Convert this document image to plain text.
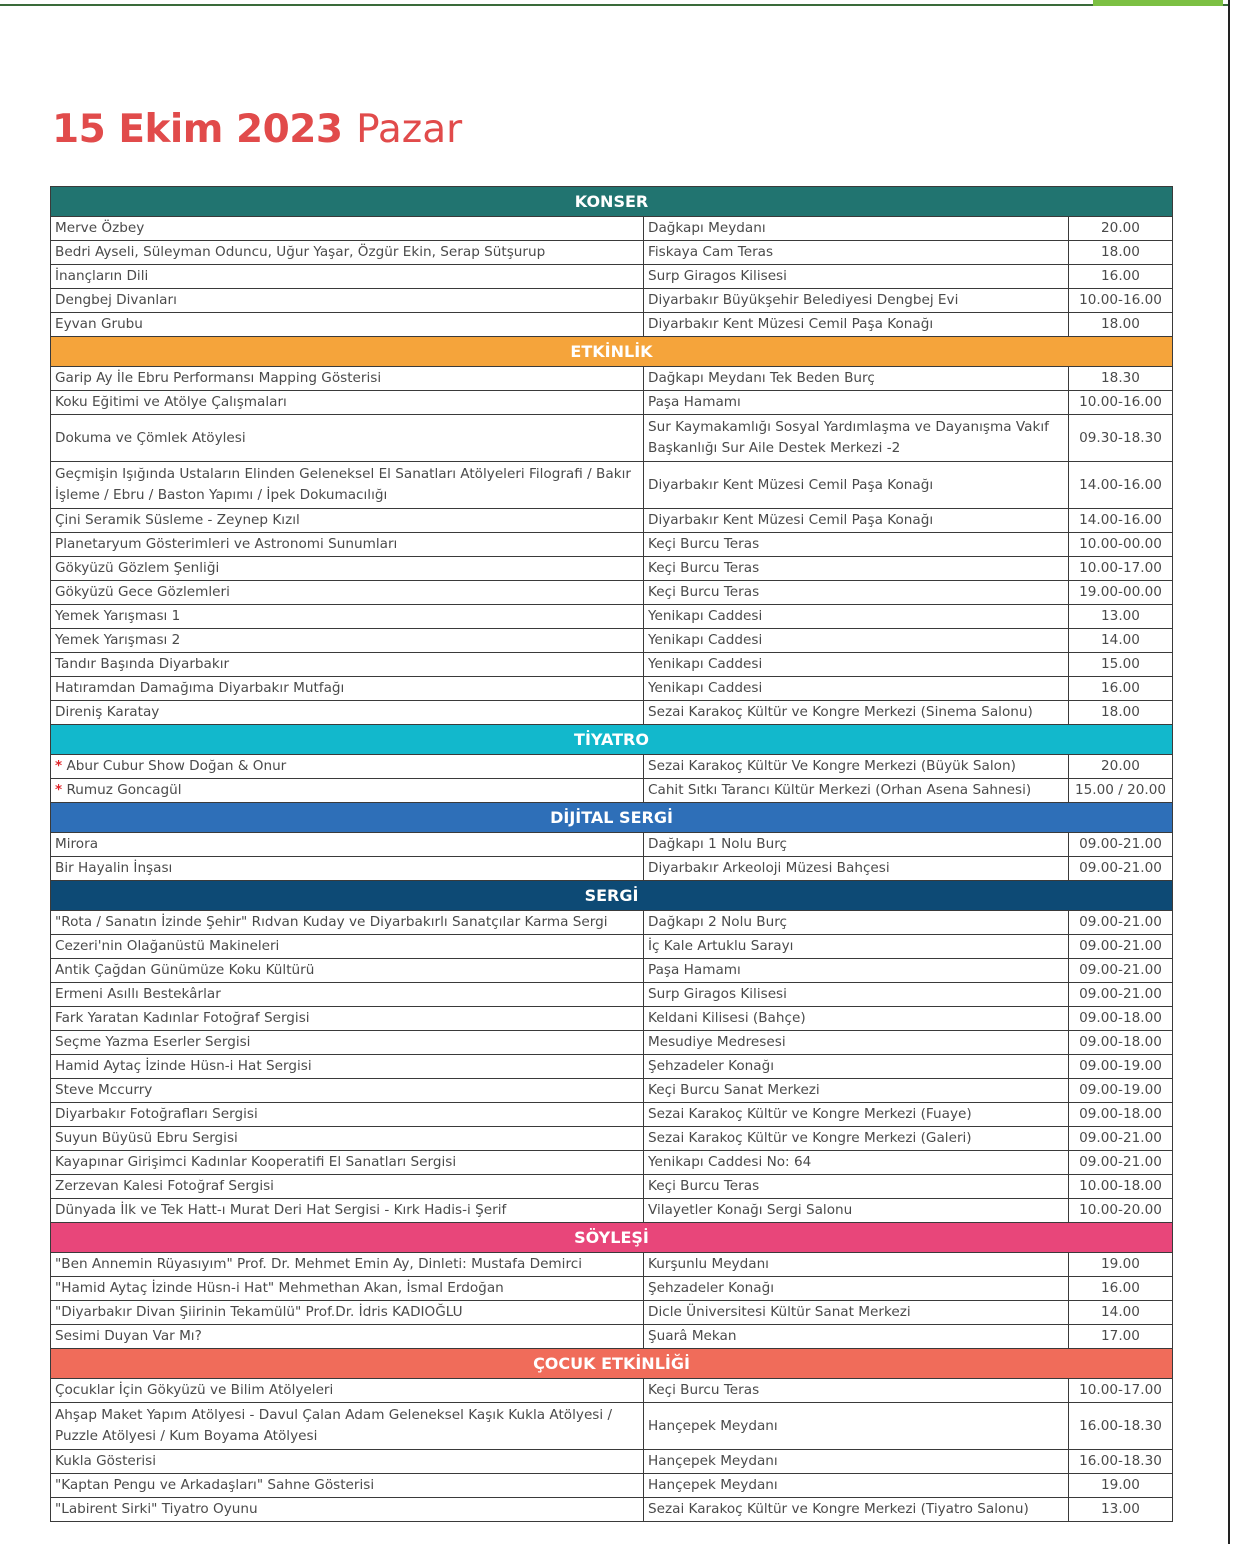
15 Ekim 2023 Pazar
KONSER		
Merve Özbey	Dağkapı Meydanı	20.00
Bedri Ayseli, Süleyman Oduncu, Uğur Yaşar, Özgür Ekin, Serap Sütşurup	Fiskaya Cam Teras	18.00
İnançların Dili	Surp Giragos Kilisesi	16.00
Dengbej Divanları	Diyarbakır Büyükşehir Belediyesi Dengbej Evi	10.00-16.00
Eyvan Grubu	Diyarbakır Kent Müzesi Cemil Paşa Konağı	18.00
ETKİNLİK		
Garip Ay İle Ebru Performansı Mapping Gösterisi	Dağkapı Meydanı Tek Beden Burç	18.30
Koku Eğitimi ve Atölye Çalışmaları	Paşa Hamamı	10.00-16.00
Dokuma ve Çömlek Atöylesi	Sur Kaymakamlığı Sosyal Yardımlaşma ve Dayanışma Vakıf Başkanlığı Sur Aile Destek Merkezi -2	09.30-18.30
Geçmişin Işığında Ustaların Elinden Geleneksel El Sanatları Atölyeleri Filografi / Bakır İşleme / Ebru / Baston Yapımı / İpek Dokumacılığı	Diyarbakır Kent Müzesi Cemil Paşa Konağı	14.00-16.00
Çini Seramik Süsleme - Zeynep Kızıl	Diyarbakır Kent Müzesi Cemil Paşa Konağı	14.00-16.00
Planetaryum Gösterimleri ve Astronomi Sunumları	Keçi Burcu Teras	10.00-00.00
Gökyüzü Gözlem Şenliği	Keçi Burcu Teras	10.00-17.00
Gökyüzü Gece Gözlemleri	Keçi Burcu Teras	19.00-00.00
Yemek Yarışması 1	Yenikapı Caddesi	13.00
Yemek Yarışması 2	Yenikapı Caddesi	14.00
Tandır Başında Diyarbakır	Yenikapı Caddesi	15.00
Hatıramdan Damağıma Diyarbakır Mutfağı	Yenikapı Caddesi	16.00
Direniş Karatay	Sezai Karakoç Kültür ve Kongre Merkezi (Sinema Salonu)	18.00
TİYATRO		
* Abur Cubur Show Doğan & Onur	Sezai Karakoç Kültür Ve Kongre Merkezi (Büyük Salon)	20.00
* Rumuz Goncagül	Cahit Sıtkı Tarancı Kültür Merkezi (Orhan Asena Sahnesi)	15.00 / 20.00
DİJİTAL SERGİ		
Mirora	Dağkapı 1 Nolu Burç	09.00-21.00
Bir Hayalin İnşası	Diyarbakır Arkeoloji Müzesi Bahçesi	09.00-21.00
SERGİ		
"Rota / Sanatın İzinde Şehir" Rıdvan Kuday ve Diyarbakırlı Sanatçılar Karma Sergi	Dağkapı 2 Nolu Burç	09.00-21.00
Cezeri'nin Olağanüstü Makineleri	İç Kale Artuklu Sarayı	09.00-21.00
Antik Çağdan Günümüze Koku Kültürü	Paşa Hamamı	09.00-21.00
Ermeni Asıllı Bestekârlar	Surp Giragos Kilisesi	09.00-21.00
Fark Yaratan Kadınlar Fotoğraf Sergisi	Keldani Kilisesi (Bahçe)	09.00-18.00
Seçme Yazma Eserler Sergisi	Mesudiye Medresesi	09.00-18.00
Hamid Aytaç İzinde Hüsn-i Hat Sergisi	Şehzadeler Konağı	09.00-19.00
Steve Mccurry	Keçi Burcu Sanat Merkezi	09.00-19.00
Diyarbakır Fotoğrafları Sergisi	Sezai Karakoç Kültür ve Kongre Merkezi (Fuaye)	09.00-18.00
Suyun Büyüsü Ebru Sergisi	Sezai Karakoç Kültür ve Kongre Merkezi (Galeri)	09.00-21.00
Kayapınar Girişimci Kadınlar Kooperatifi El Sanatları Sergisi	Yenikapı Caddesi No: 64	09.00-21.00
Zerzevan Kalesi Fotoğraf Sergisi	Keçi Burcu Teras	10.00-18.00
Dünyada İlk ve Tek Hatt-ı Murat Deri Hat Sergisi - Kırk Hadis-i Şerif	Vilayetler Konağı Sergi Salonu	10.00-20.00
SÖYLEŞİ		
"Ben Annemin Rüyasıyım" Prof. Dr. Mehmet Emin Ay, Dinleti: Mustafa Demirci	Kurşunlu Meydanı	19.00
"Hamid Aytaç İzinde Hüsn-i Hat" Mehmethan Akan, İsmal Erdoğan	Şehzadeler Konağı	16.00
"Diyarbakır Divan Şiirinin Tekamülü" Prof.Dr. İdris KADIOĞLU	Dicle Üniversitesi Kültür Sanat Merkezi	14.00
Sesimi Duyan Var Mı?	Şuarâ Mekan	17.00
ÇOCUK ETKİNLİĞİ		
Çocuklar İçin Gökyüzü ve Bilim Atölyeleri	Keçi Burcu Teras	10.00-17.00
Ahşap Maket Yapım Atölyesi - Davul Çalan Adam Geleneksel Kaşık Kukla Atölyesi / Puzzle Atölyesi / Kum Boyama Atölyesi	Hançepek Meydanı	16.00-18.30
Kukla Gösterisi	Hançepek Meydanı	16.00-18.30
"Kaptan Pengu ve Arkadaşları" Sahne Gösterisi	Hançepek Meydanı	19.00
"Labirent Sirki" Tiyatro Oyunu	Sezai Karakoç Kültür ve Kongre Merkezi (Tiyatro Salonu)	13.00
